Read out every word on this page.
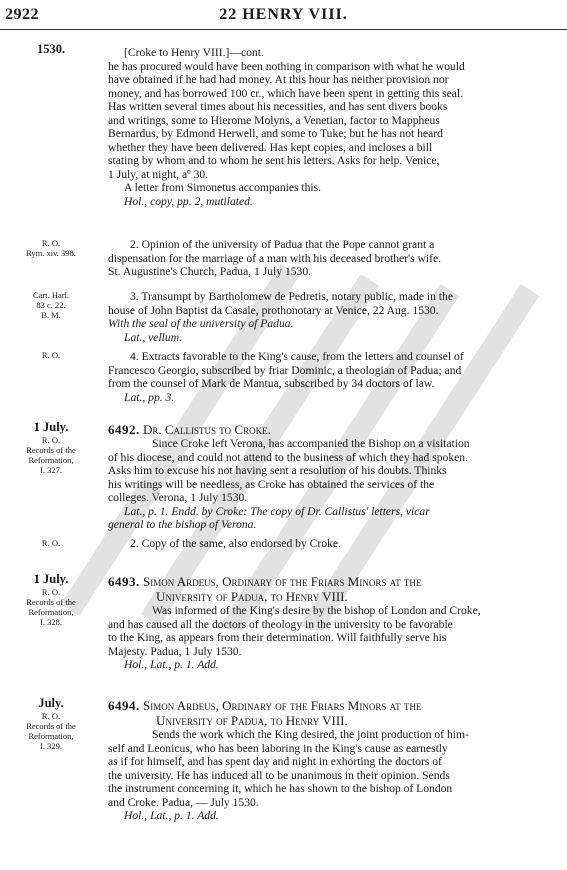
2922	22 HENRY VIII.
1530.	[Croke to Henry VIII.]—cont.

he has procured would have been nothing in comparison with what he would

have obtained if he had had money. At this hour has neither provision nor

money, and has borrowed 100 cr., which have been spent in getting this seal.

Has written several times about his necessities, and has sent divers books

and writings, some to Hierome Molyns, a Venetian, factor to Mappheus

Bernardus, by Edmond Herwell, and some to Tuke; but he has not heard

whether they have been delivered. Has kept copies, and incloses a bill

stating by whom and to whom he sent his letters. Asks for help. Venice,

1 July, at night, aº 30.

A letter from Simonetus accompanies this.

Hol., copy, pp. 2, mutilated.

R. O.
Rym. xiv. 398.

2. Opinion of the university of Padua that the Pope cannot grant a

dispensation for the marriage of a man with his deceased brother's wife.

St. Augustine's Church, Padua, 1 July 1530.

Cart. Harl.
83 c. 22.
B. M.

3. Transumpt by Bartholomew de Pedretis, notary public, made in the

house of John Baptist da Casale, prothonotary at Venice, 22 Aug. 1530.

With the seal of the university of Padua.

Lat., vellum.

R. O.	4. Extracts favorable to the King's cause, from the letters and counsel of

Francesco Georgio, subscribed by friar Dominic, a theologian of Padua; and

from the counsel of Mark de Mantua, subscribed by 34 doctors of law.

Lat., pp. 3.

1 July.
R. O.
Records of the
Reformation,
I. 327.

6492. Dr. Callistus to Croke.

Since Croke left Verona, has accompanied the Bishop on a visitation

of his diocese, and could not attend to the business of which they had spoken.

Asks him to excuse his not having sent a resolution of his doubts. Thinks

his writings will be needless, as Croke has obtained the services of the

colleges. Verona, 1 July 1530.

Lat., p. 1. Endd. by Croke: The copy of Dr. Callistus' letters, vicar

general to the bishop of Verona.

R. O.	2. Copy of the same, also endorsed by Croke.

1 July.
R. O.
Records of the
Reformation,
I. 328.

6493. Simon Ardeus, Ordinary of the Friars Minors at the

University of Padua, to Henry VIII.

Was informed of the King's desire by the bishop of London and Croke,

and has caused all the doctors of theology in the university to be favorable

to the King, as appears from their determination. Will faithfully serve his

Majesty. Padua, 1 July 1530.

Hol., Lat., p. 1. Add.

July.
R. O.
Records of the
Reformation,
I. 329.

6494. Simon Ardeus, Ordinary of the Friars Minors at the

University of Padua, to Henry VIII.

Sends the work which the King desired, the joint production of him-

self and Leonicus, who has been laboring in the King's cause as earnestly

as if for himself, and has spent day and night in exhorting the doctors of

the university. He has induced all to be unanimous in their opinion. Sends

the instrument concerning it, which he has shown to the bishop of London

and Croke. Padua, — July 1530.

Hol., Lat., p. 1. Add.
